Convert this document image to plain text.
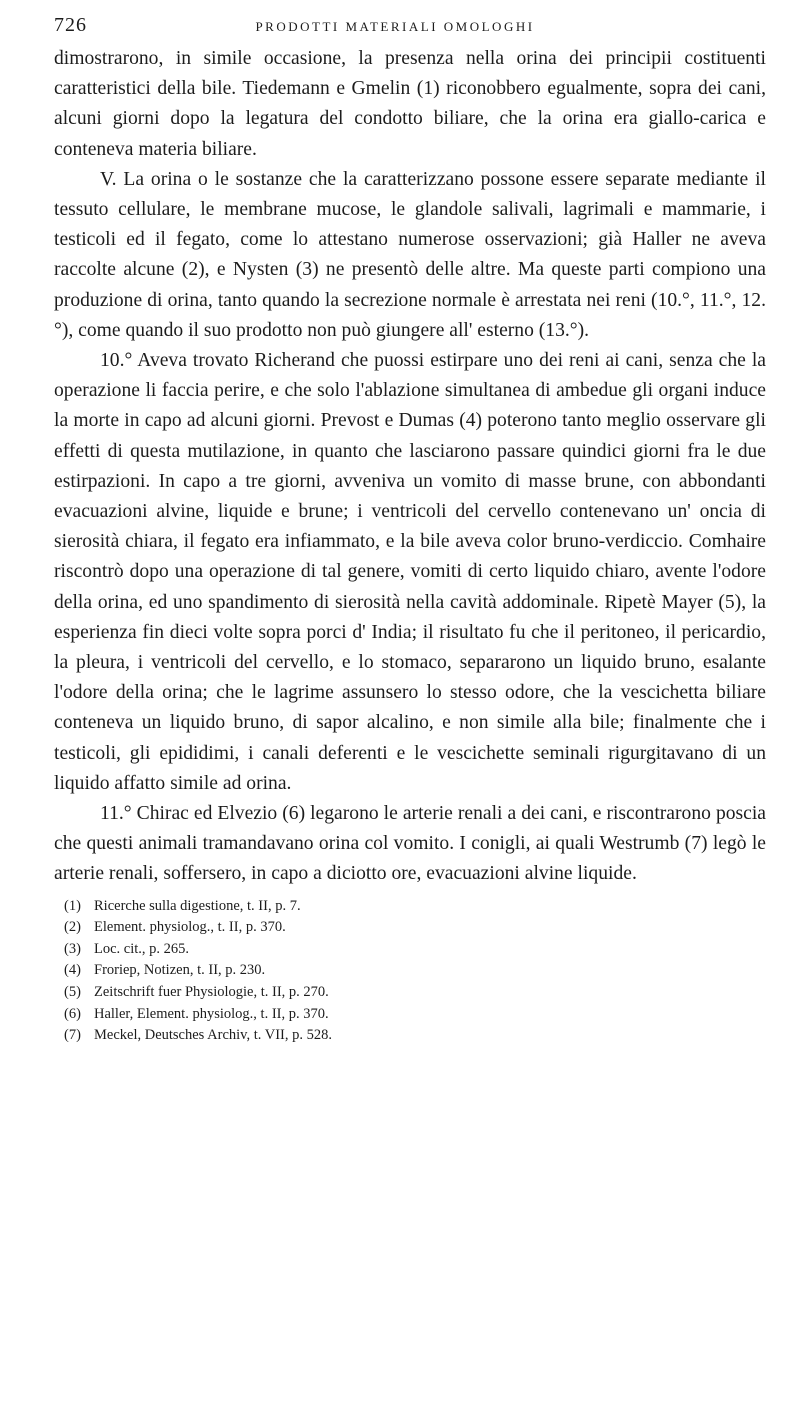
726	PRODOTTI MATERIALI OMOLOGHI

dimostrarono, in simile occasione, la presenza nella orina dei principii costituenti caratteristici della bile. Tiedemann e Gmelin (1) riconobbero egualmente, sopra dei cani, alcuni giorni dopo la legatura del condotto biliare, che la orina era giallo-carica e conteneva materia biliare.

V. La orina o le sostanze che la caratterizzano possone essere separate mediante il tessuto cellulare, le membrane mucose, le glandole salivali, lagrimali e mammarie, i testicoli ed il fegato, come lo attestano numerose osservazioni; già Haller ne aveva raccolte alcune (2), e Nysten (3) ne presentò delle altre. Ma queste parti compiono una produzione di orina, tanto quando la secrezione normale è arrestata nei reni (10.°, 11.°, 12.°), come quando il suo prodotto non può giungere all' esterno (13.°).

10.° Aveva trovato Richerand che puossi estirpare uno dei reni ai cani, senza che la operazione li faccia perire, e che solo l'ablazione simultanea di ambedue gli organi induce la morte in capo ad alcuni giorni. Prevost e Dumas (4) poterono tanto meglio osservare gli effetti di questa mutilazione, in quanto che lasciarono passare quindici giorni fra le due estirpazioni. In capo a tre giorni, avveniva un vomito di masse brune, con abbondanti evacuazioni alvine, liquide e brune; i ventricoli del cervello contenevano un' oncia di sierosità chiara, il fegato era infiammato, e la bile aveva color bruno-verdiccio. Comhaire riscontrò dopo una operazione di tal genere, vomiti di certo liquido chiaro, avente l'odore della orina, ed uno spandimento di sierosità nella cavità addominale. Ripetè Mayer (5), la esperienza fin dieci volte sopra porci d' India; il risultato fu che il peritoneo, il pericardio, la pleura, i ventricoli del cervello, e lo stomaco, separarono un liquido bruno, esalante l'odore della orina; che le lagrime assunsero lo stesso odore, che la vescichetta biliare conteneva un liquido bruno, di sapor alcalino, e non simile alla bile; finalmente che i testicoli, gli epididimi, i canali deferenti e le vescichette seminali rigurgitavano di un liquido affatto simile ad orina.

11.° Chirac ed Elvezio (6) legarono le arterie renali a dei cani, e riscontrarono poscia che questi animali tramandavano orina col vomito. I conigli, ai quali Westrumb (7) legò le arterie renali, soffersero, in capo a diciotto ore, evacuazioni alvine liquide.

(1) Ricerche sulla digestione, t. II, p. 7.
(2) Element. physiolog., t. II, p. 370.
(3) Loc. cit., p. 265.
(4) Froriep, Notizen, t. II, p. 230.
(5) Zeitschrift fuer Physiologie, t. II, p. 270.
(6) Haller, Element. physiolog., t. II, p. 370.
(7) Meckel, Deutsches Archiv, t. VII, p. 528.
